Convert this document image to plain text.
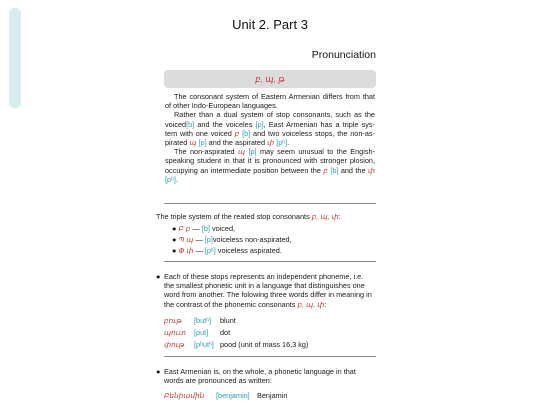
Unit 2. Part 3
Pronunciation
բ, պ, թ

The consonant system of Eastern Armenian differs from that of other Indo-European languages.

Rather than a dual system of stop consonants, such as the voiced[b] and the voiceles [p], East Armenian has a triple sys-tem with one voiced բ [b] and two voiceless stops, the non-as-pirated պ [p] and the aspirated փ [pʰ].

The non-aspirated պ [p] may seem unusual to the Engish-speaking student in that it is pronounced with stronger plosion, occupying an intermediate position between the բ [b] and the փ [pʰ].

The triple system of the reated stop consonants բ, պ, փ:
● Բ բ — [b] voiced,
● Պ պ — [p]voiceless non-aspirated,
● Փ փ — [pʰ] voiceless aspirated.
● Each of these stops represents an independent phoneme, i.e. the smallest phonetic unit in a language that distinguishes one word from another. The folowing three words differ in meaning in the contrast of the phonemic consonants բ, պ, փ:
բութ [butʰ] blunt
պուտ [put] dot
փութ [pʰutʰ] pood (unit of mass 16,3 kg)
● East Armenian is, on the whole, a phonetic language in that words are pronounced as written:
Բենիամին [benjamin] Benjamin
